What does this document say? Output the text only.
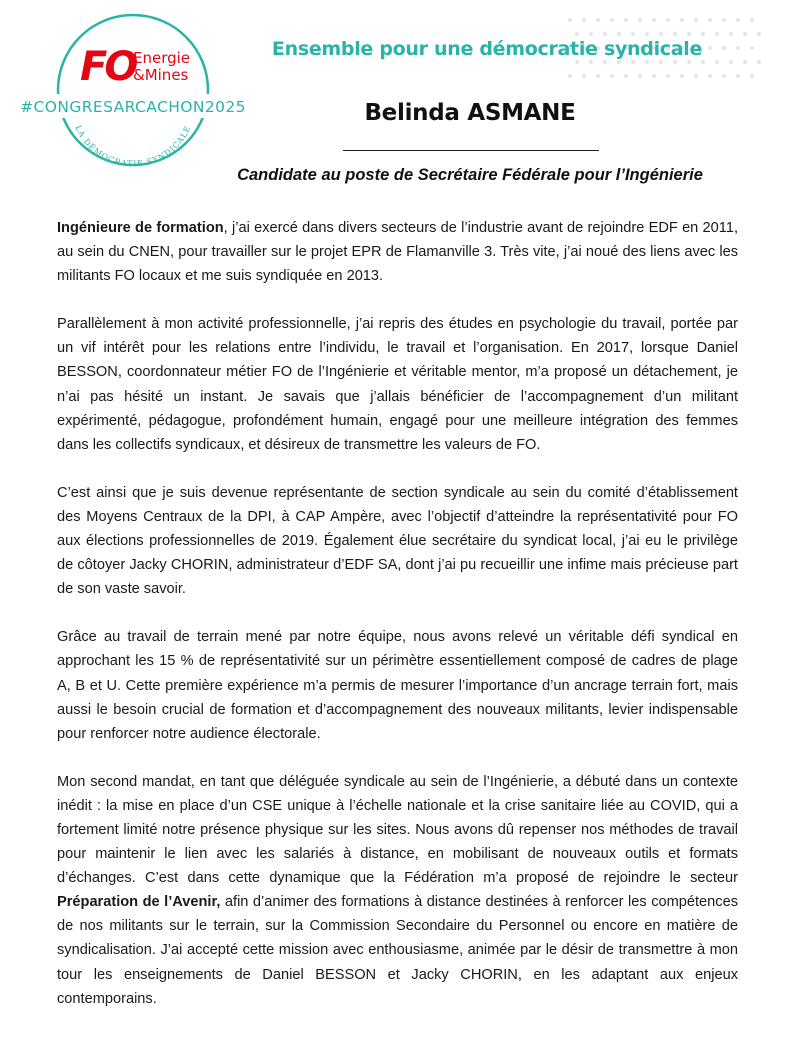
FO
Energie
&Mines
#CONGRESARCACHON2025
LA DÉMOCRATIE SYNDICALE
Ensemble pour une démocratie syndicale
Belinda ASMANE
Candidate au poste de Secrétaire Fédérale pour l’Ingénierie

Ingénieure de formation, j’ai exercé dans divers secteurs de l’industrie avant de rejoindre EDF en 2011, au sein du CNEN, pour travailler sur le projet EPR de Flamanville 3. Très vite, j’ai noué des liens avec les militants FO locaux et me suis syndiquée en 2013.

Parallèlement à mon activité professionnelle, j’ai repris des études en psychologie du travail, portée par un vif intérêt pour les relations entre l’individu, le travail et l’organisation. En 2017, lorsque Daniel BESSON, coordonnateur métier FO de l’Ingénierie et véritable mentor, m’a proposé un détachement, je n’ai pas hésité un instant. Je savais que j’allais bénéficier de l’accompagnement d’un militant expérimenté, pédagogue, profondément humain, engagé pour une meilleure intégration des femmes dans les collectifs syndicaux, et désireux de transmettre les valeurs de FO.

C’est ainsi que je suis devenue représentante de section syndicale au sein du comité d’établissement des Moyens Centraux de la DPI, à CAP Ampère, avec l’objectif d’atteindre la représentativité pour FO aux élections professionnelles de 2019. Également élue secrétaire du syndicat local, j’ai eu le privilège de côtoyer Jacky CHORIN, administrateur d’EDF SA, dont j’ai pu recueillir une infime mais précieuse part de son vaste savoir.

Grâce au travail de terrain mené par notre équipe, nous avons relevé un véritable défi syndical en approchant les 15 % de représentativité sur un périmètre essentiellement composé de cadres de plage A, B et U. Cette première expérience m’a permis de mesurer l’importance d’un ancrage terrain fort, mais aussi le besoin crucial de formation et d’accompagnement des nouveaux militants, levier indispensable pour renforcer notre audience électorale.

Mon second mandat, en tant que déléguée syndicale au sein de l’Ingénierie, a débuté dans un contexte inédit : la mise en place d’un CSE unique à l’échelle nationale et la crise sanitaire liée au COVID, qui a fortement limité notre présence physique sur les sites. Nous avons dû repenser nos méthodes de travail pour maintenir le lien avec les salariés à distance, en mobilisant de nouveaux outils et formats d’échanges. C’est dans cette dynamique que la Fédération m’a proposé de rejoindre le secteur Préparation de l’Avenir, afin d’animer des formations à distance destinées à renforcer les compétences de nos militants sur le terrain, sur la Commission Secondaire du Personnel ou encore en matière de syndicalisation. J’ai accepté cette mission avec enthousiasme, animée par le désir de transmettre à mon tour les enseignements de Daniel BESSON et Jacky CHORIN, en les adaptant aux enjeux contemporains.
